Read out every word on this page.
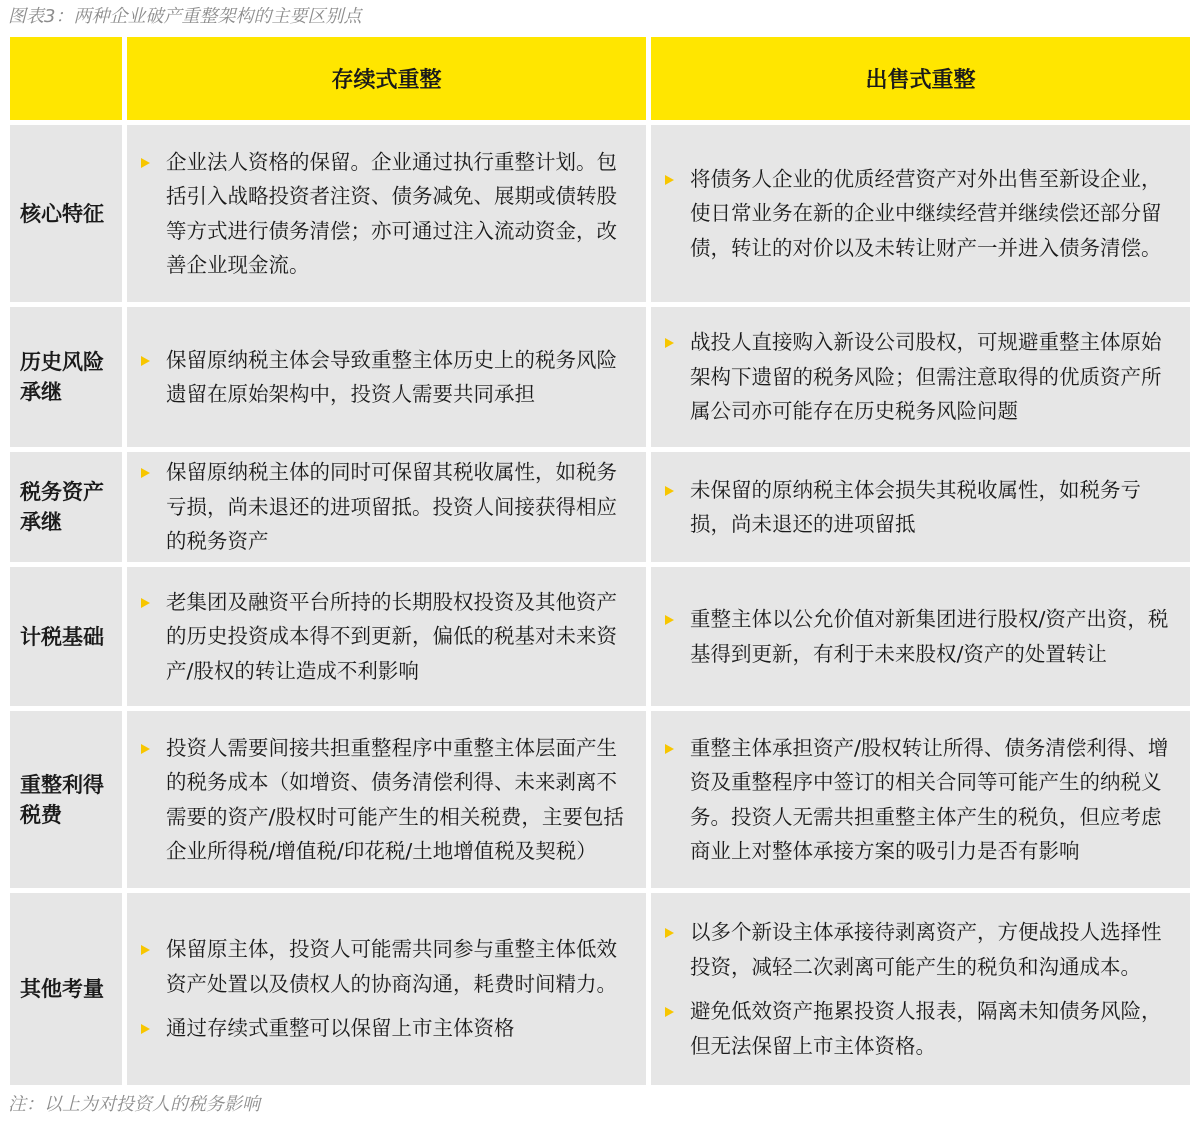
图表3：两种企业破产重整架构的主要区别点
存续式重整	出售式重整
核心特征
企业法人资格的保留。企业通过执行重整计划。包括引入战略投资者注资、债务减免、展期或债转股等方式进行债务清偿；亦可通过注入流动资金，改善企业现金流。
将债务人企业的优质经营资产对外出售至新设企业，使日常业务在新的企业中继续经营并继续偿还部分留债，转让的对价以及未转让财产一并进入债务清偿。
历史风险承继
保留原纳税主体会导致重整主体历史上的税务风险遗留在原始架构中，投资人需要共同承担
战投人直接购入新设公司股权，可规避重整主体原始架构下遗留的税务风险；但需注意取得的优质资产所属公司亦可能存在历史税务风险问题
税务资产承继
保留原纳税主体的同时可保留其税收属性，如税务亏损，尚未退还的进项留抵。投资人间接获得相应的税务资产
未保留的原纳税主体会损失其税收属性，如税务亏损，尚未退还的进项留抵
计税基础
老集团及融资平台所持的长期股权投资及其他资产的历史投资成本得不到更新，偏低的税基对未来资产/股权的转让造成不利影响
重整主体以公允价值对新集团进行股权/资产出资，税基得到更新，有利于未来股权/资产的处置转让
重整利得税费
投资人需要间接共担重整程序中重整主体层面产生的税务成本（如增资、债务清偿利得、未来剥离不需要的资产/股权时可能产生的相关税费，主要包括企业所得税/增值税/印花税/土地增值税及契税）
重整主体承担资产/股权转让所得、债务清偿利得、增资及重整程序中签订的相关合同等可能产生的纳税义务。投资人无需共担重整主体产生的税负，但应考虑商业上对整体承接方案的吸引力是否有影响
其他考量
保留原主体，投资人可能需共同参与重整主体低效资产处置以及债权人的协商沟通，耗费时间精力。
通过存续式重整可以保留上市主体资格
以多个新设主体承接待剥离资产，方便战投人选择性投资，减轻二次剥离可能产生的税负和沟通成本。
避免低效资产拖累投资人报表，隔离未知债务风险，但无法保留上市主体资格。
注：以上为对投资人的税务影响
